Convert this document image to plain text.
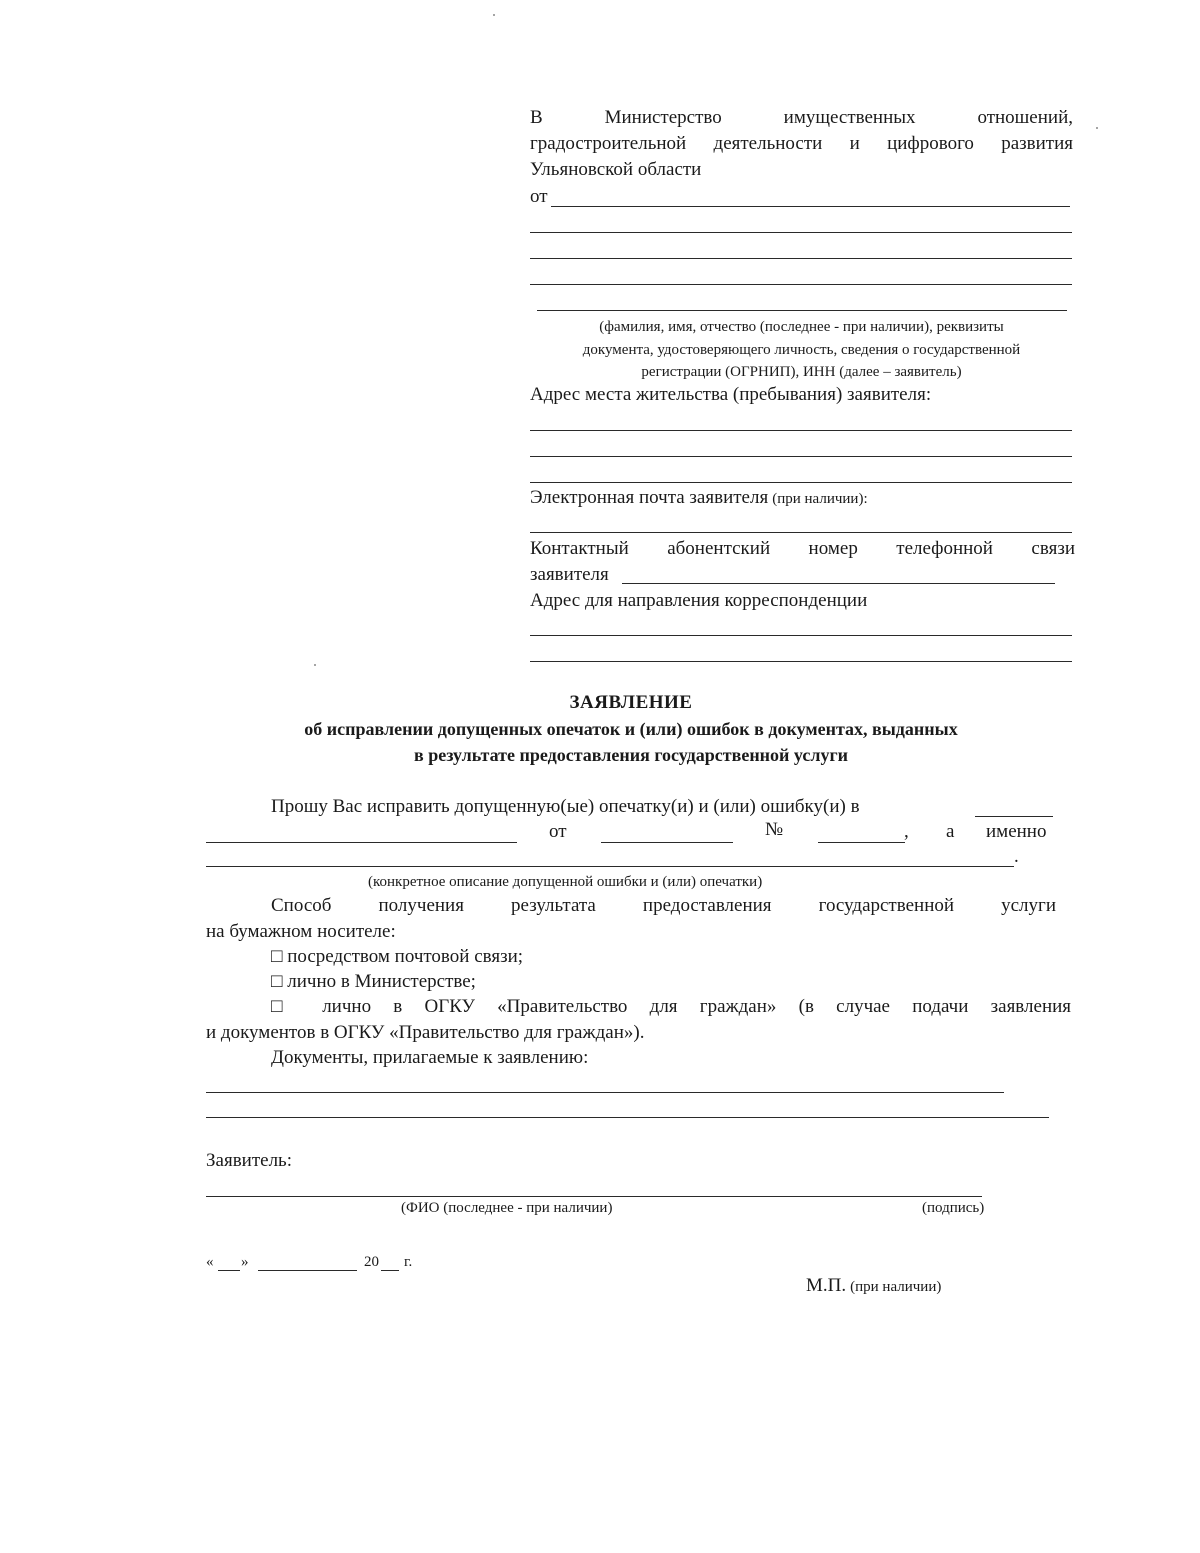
В Министерство имущественных отношений,
градостроительной деятельности и цифрового развития
Ульяновской области
от
(фамилия, имя, отчество (последнее - при наличии), реквизиты
документа, удостоверяющего личность, сведения о государственной
регистрации (ОГРНИП), ИНН (далее – заявитель)
Адрес места жительства (пребывания) заявителя:
Электронная почта заявителя (при наличии):
Контактный абонентский номер телефонной связи
заявителя
Адрес для направления корреспонденции
ЗАЯВЛЕНИЕ
об исправлении допущенных опечаток и (или) ошибок в документах, выданных
в результате предоставления государственной услуги
Прошу Вас исправить допущенную(ые) опечатку(и) и (или) ошибку(и) в
от	№	, а именно
.
(конкретное описание допущенной ошибки и (или) опечатки)
Способ получения результата предоставления государственной услуги
на бумажном носителе:
□ посредством почтовой связи;
□ лично в Министерстве;
□ лично в ОГКУ «Правительство для граждан» (в случае подачи заявления
и документов в ОГКУ «Правительство для граждан»).
Документы, прилагаемые к заявлению:
Заявитель:
(ФИО (последнее - при наличии)	(подпись)
« »	20 г.
М.П. (при наличии)
